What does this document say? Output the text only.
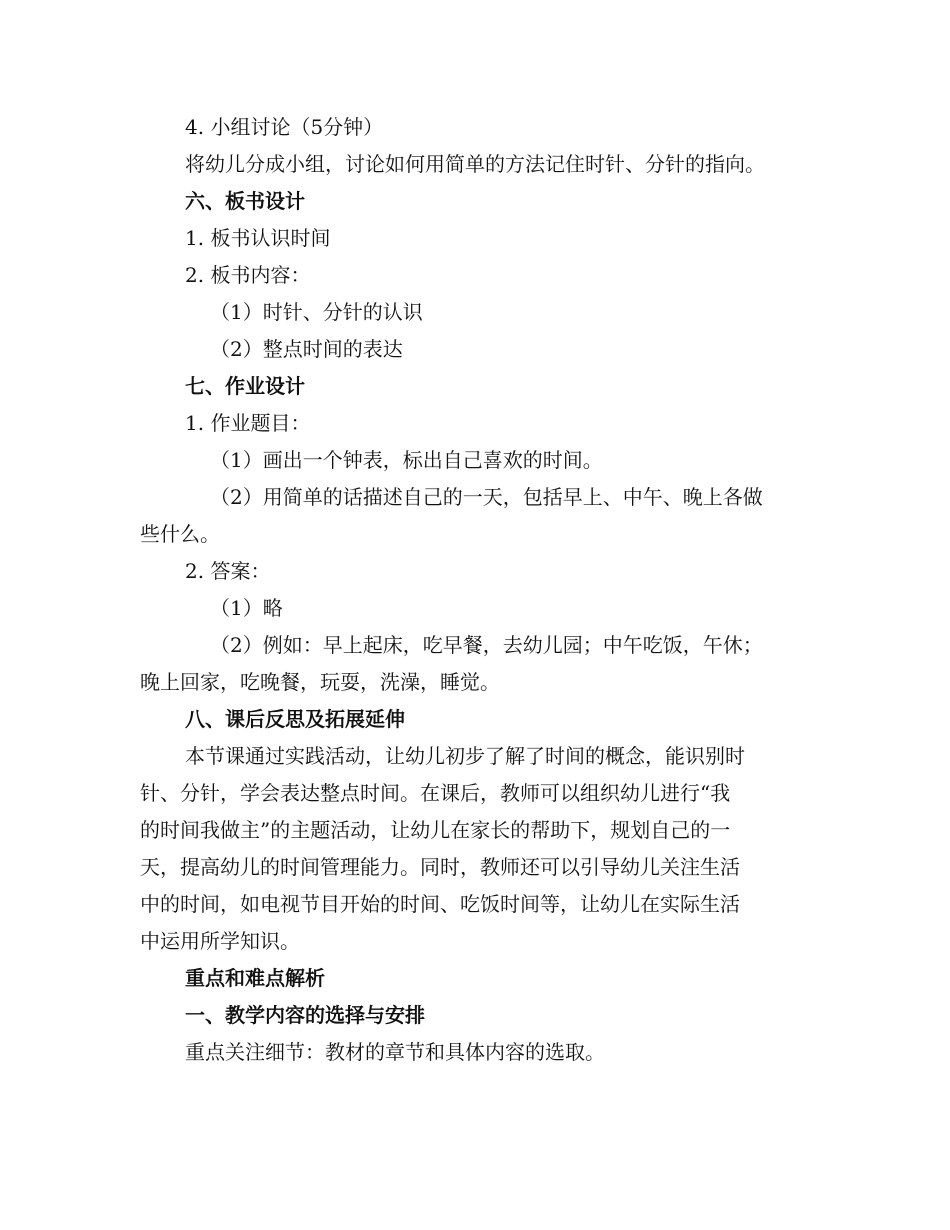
4. 小组讨论（5分钟）
将幼儿分成小组，讨论如何用简单的方法记住时针、分针的指向。
六、板书设计
1. 板书认识时间
2. 板书内容：
（1）时针、分针的认识
（2）整点时间的表达
七、作业设计
1. 作业题目：
（1）画出一个钟表，标出自己喜欢的时间。
（2）用简单的话描述自己的一天，包括早上、中午、晚上各做
些什么。
2. 答案：
（1）略
（2）例如：早上起床，吃早餐，去幼儿园；中午吃饭，午休；
晚上回家，吃晚餐，玩耍，洗澡，睡觉。
八、课后反思及拓展延伸
本节课通过实践活动，让幼儿初步了解了时间的概念，能识别时
针、分针，学会表达整点时间。在课后，教师可以组织幼儿进行“我
的时间我做主”的主题活动，让幼儿在家长的帮助下，规划自己的一
天，提高幼儿的时间管理能力。同时，教师还可以引导幼儿关注生活
中的时间，如电视节目开始的时间、吃饭时间等，让幼儿在实际生活
中运用所学知识。
重点和难点解析
一、教学内容的选择与安排
重点关注细节：教材的章节和具体内容的选取。
